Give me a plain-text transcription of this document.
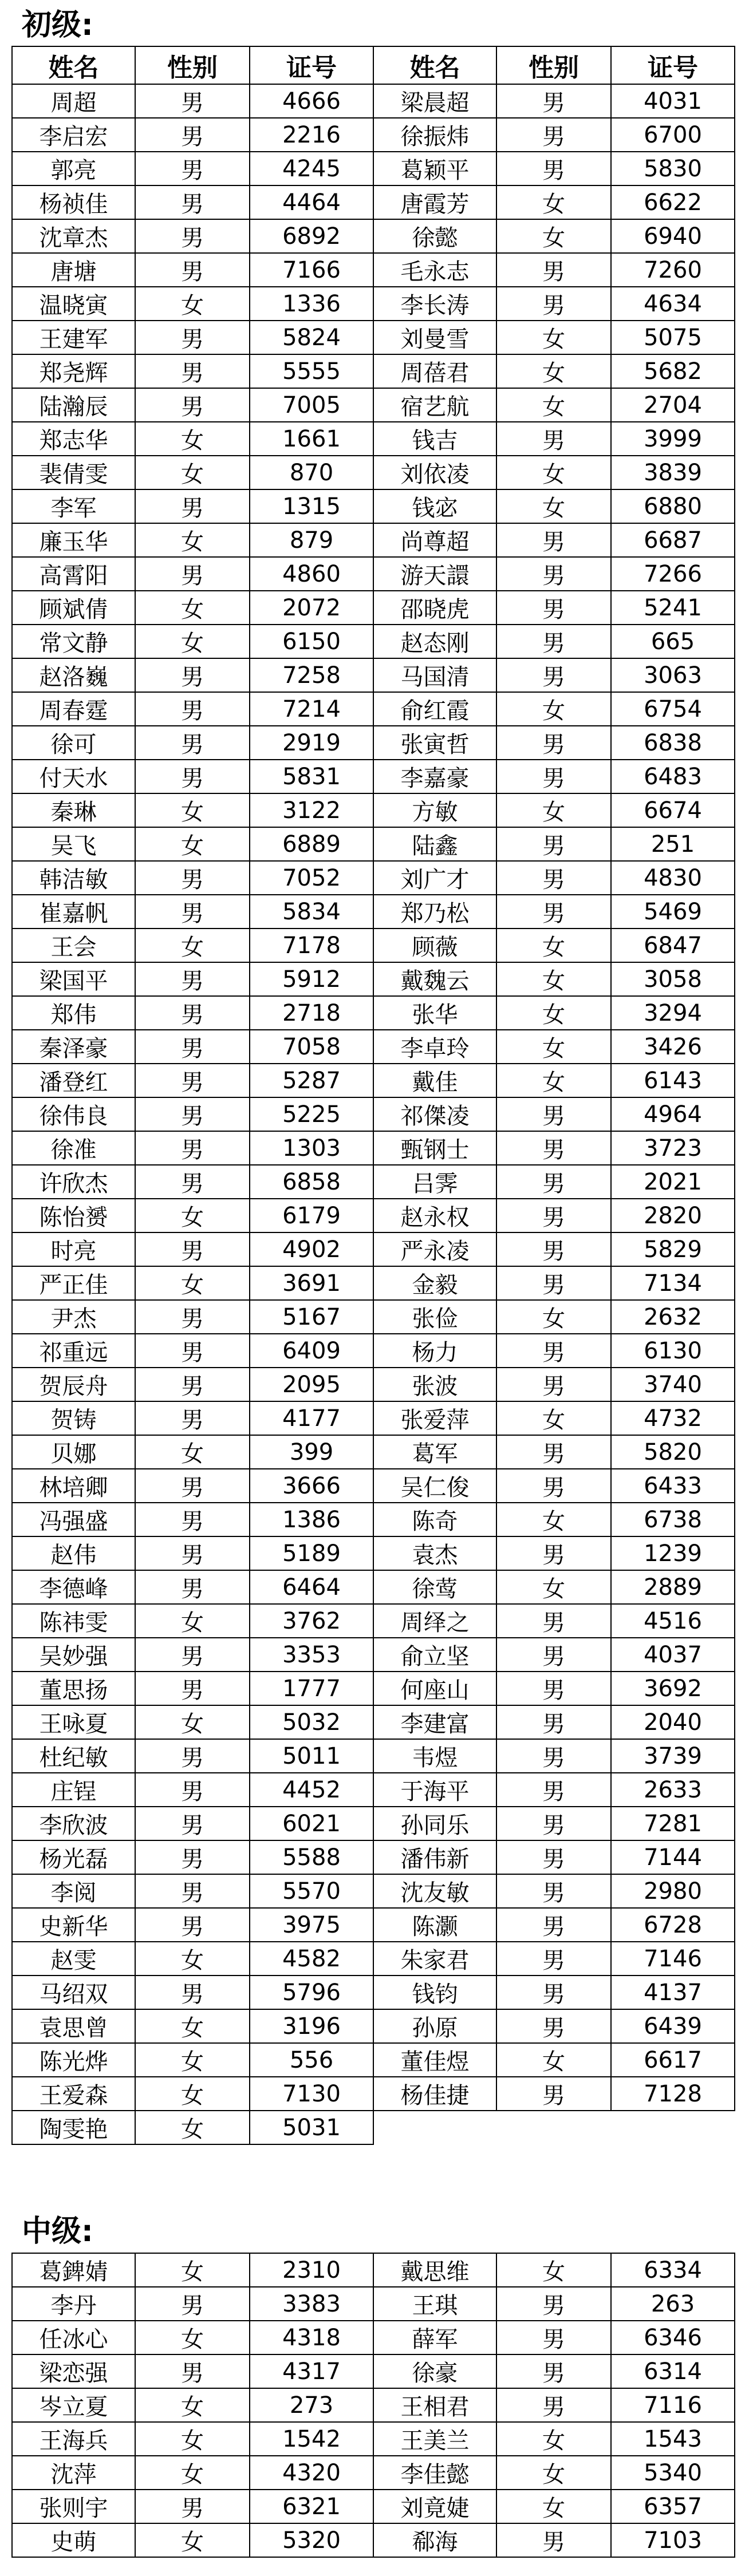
初级:
姓名	性别	证号	姓名	性别	证号
周超	男	4666	梁晨超	男	4031
李启宏	男	2216	徐振炜	男	6700
郭亮	男	4245	葛颖平	男	5830
杨祯佳	男	4464	唐霞芳	女	6622
沈章杰	男	6892	徐懿	女	6940
唐塘	男	7166	毛永志	男	7260
温晓寅	女	1336	李长涛	男	4634
王建军	男	5824	刘曼雪	女	5075
郑尧辉	男	5555	周蓓君	女	5682
陆瀚辰	男	7005	宿艺航	女	2704
郑志华	女	1661	钱吉	男	3999
裴倩雯	女	870	刘依凌	女	3839
李军	男	1315	钱宓	女	6880
廉玉华	女	879	尚尊超	男	6687
高霄阳	男	4860	游天譞	男	7266
顾斌倩	女	2072	邵晓虎	男	5241
常文静	女	6150	赵态刚	男	665
赵洛巍	男	7258	马国清	男	3063
周春霆	男	7214	俞红霞	女	6754
徐可	男	2919	张寅哲	男	6838
付天水	男	5831	李嘉豪	男	6483
秦琳	女	3122	方敏	女	6674
吴飞	女	6889	陆鑫	男	251
韩洁敏	男	7052	刘广才	男	4830
崔嘉帆	男	5834	郑乃松	男	5469
王会	女	7178	顾薇	女	6847
梁国平	男	5912	戴魏云	女	3058
郑伟	男	2718	张华	女	3294
秦泽豪	男	7058	李卓玲	女	3426
潘登红	男	5287	戴佳	女	6143
徐伟良	男	5225	祁傑凌	男	4964
徐准	男	1303	甄钢士	男	3723
许欣杰	男	6858	吕霁	男	2021
陈怡赟	女	6179	赵永权	男	2820
时亮	男	4902	严永凌	男	5829
严正佳	女	3691	金毅	男	7134
尹杰	男	5167	张俭	女	2632
祁重远	男	6409	杨力	男	6130
贺辰舟	男	2095	张波	男	3740
贺铸	男	4177	张爱萍	女	4732
贝娜	女	399	葛军	男	5820
林培卿	男	3666	吴仁俊	男	6433
冯强盛	男	1386	陈奇	女	6738
赵伟	男	5189	袁杰	男	1239
李德峰	男	6464	徐莺	女	2889
陈祎雯	女	3762	周绎之	男	4516
吴妙强	男	3353	俞立坚	男	4037
董思扬	男	1777	何座山	男	3692
王咏夏	女	5032	李建富	男	2040
杜纪敏	男	5011	韦煜	男	3739
庄锃	男	4452	于海平	男	2633
李欣波	男	6021	孙同乐	男	7281
杨光磊	男	5588	潘伟新	男	7144
李阅	男	5570	沈友敏	男	2980
史新华	男	3975	陈灏	男	6728
赵雯	女	4582	朱家君	男	7146
马绍双	男	5796	钱钧	男	4137
袁思曾	女	3196	孙原	男	6439
陈光烨	女	556	董佳煜	女	6617
王爱森	女	7130	杨佳捷	男	7128
陶雯艳	女	5031			
中级:
葛錍婧	女	2310	戴思维	女	6334
李丹	男	3383	王琪	男	263
任冰心	女	4318	薛军	男	6346
梁恋强	男	4317	徐豪	男	6314
岑立夏	女	273	王相君	男	7116
王海兵	女	1542	王美兰	女	1543
沈萍	女	4320	李佳懿	女	5340
张则宇	男	6321	刘竟婕	女	6357
史萌	女	5320	郗海	男	7103
